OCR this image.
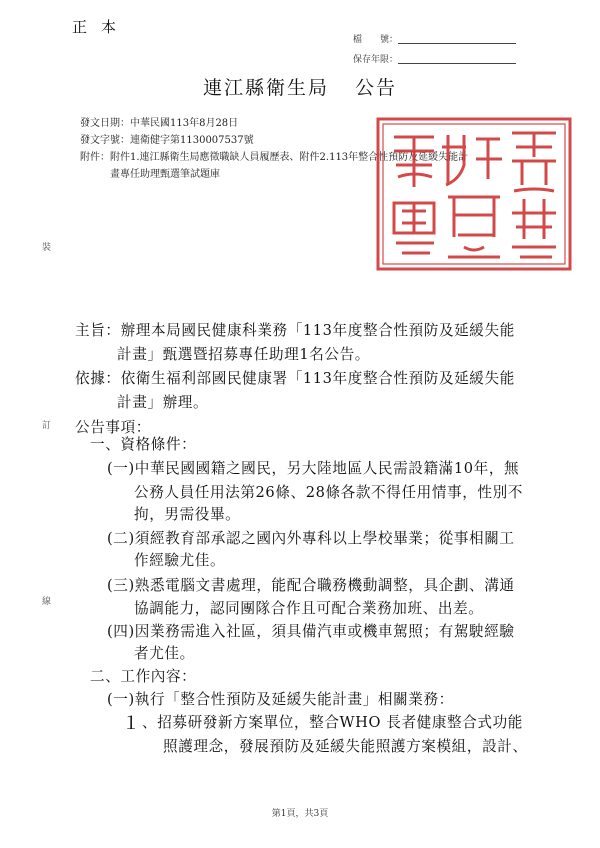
正本
檔　　號：
保存年限：
連江縣衛生局 公告
發文日期：中華民國113年8月28日
發文字號：連衛健字第1130007537號
附件：附件1.連江縣衛生局應徵職缺人員履歷表、附件2.113年整合性預防及延緩失能計
畫專任助理甄選筆試題庫
主旨：辦理本局國民健康科業務「113年度整合性預防及延緩失能
計畫」甄選暨招募專任助理1名公告。
依據：依衛生福利部國民健康署「113年度整合性預防及延緩失能
計畫」辦理。
公告事項：
一、資格條件：
(一)中華民國國籍之國民，另大陸地區人民需設籍滿10年，無
公務人員任用法第26條、28條各款不得任用情事，性別不
拘，男需役畢。
(二)須經教育部承認之國內外專科以上學校畢業；從事相關工
作經驗尤佳。
(三)熟悉電腦文書處理，能配合職務機動調整，具企劃、溝通
協調能力，認同團隊合作且可配合業務加班、出差。
(四)因業務需進入社區，須具備汽車或機車駕照；有駕駛經驗
者尤佳。
二、工作內容：
(一)執行「整合性預防及延緩失能計畫」相關業務：
１ 、招募研發新方案單位，整合WHO 長者健康整合式功能
照護理念，發展預防及延緩失能照護方案模組，設計、
裝
訂
線
第1頁，共3頁
